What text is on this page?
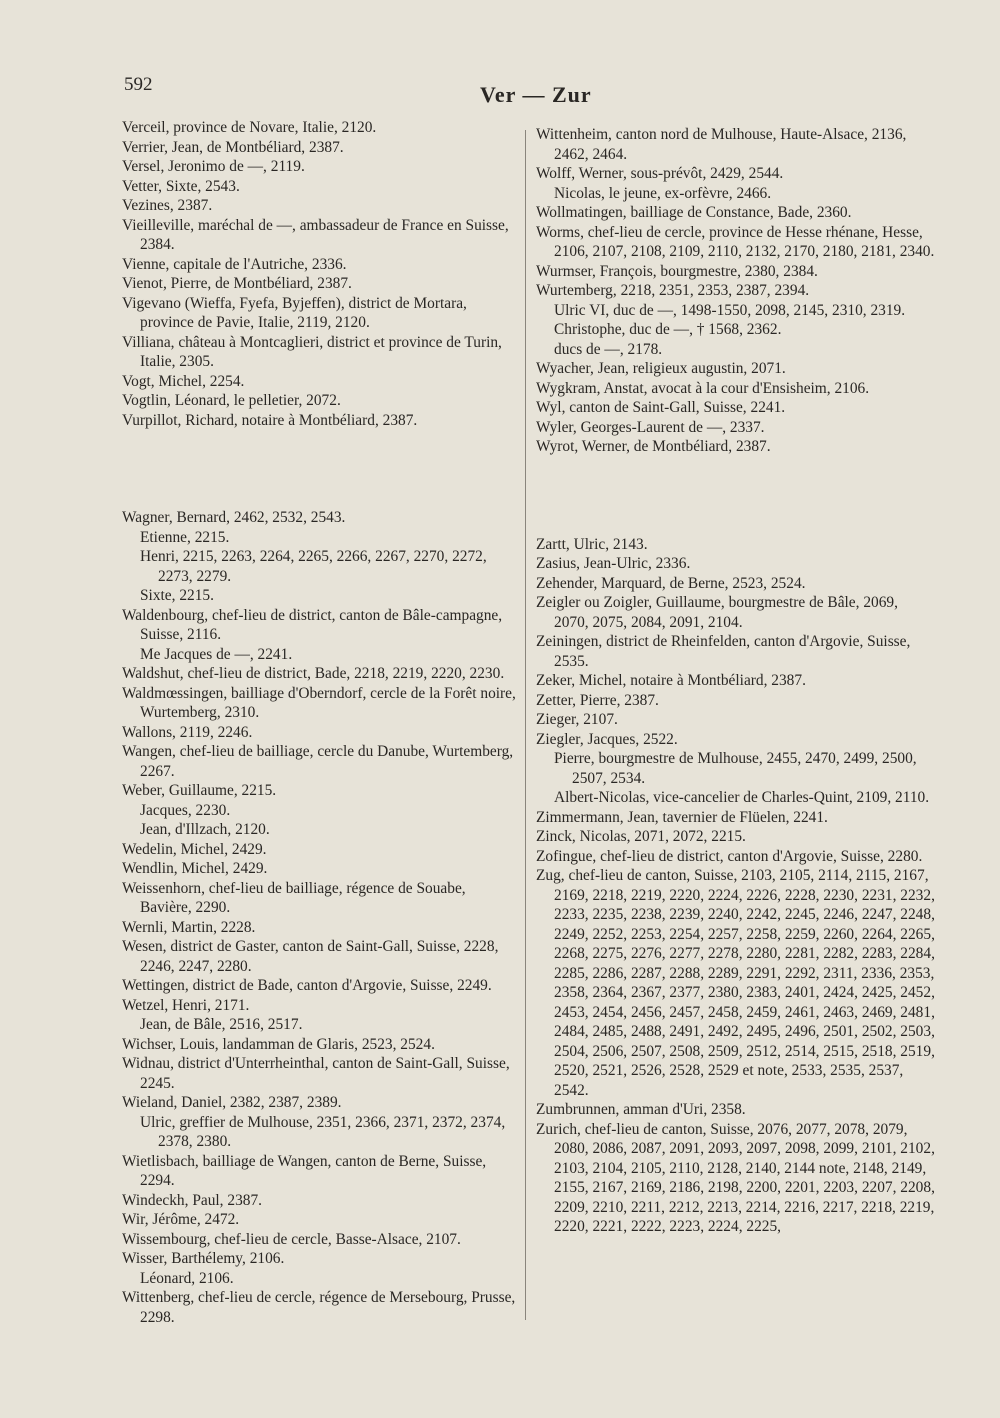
592	Ver — Zur
Verceil, province de Novare, Italie, 2120.
Verrier, Jean, de Montbéliard, 2387.
Versel, Jeronimo de —, 2119.
Vetter, Sixte, 2543.
Vezines, 2387.
Vieilleville, maréchal de —, ambassadeur de France en Suisse, 2384.
Vienne, capitale de l'Autriche, 2336.
Vienot, Pierre, de Montbéliard, 2387.
Vigevano (Wieffa, Fyefa, Byjeffen), district de Mortara, province de Pavie, Italie, 2119, 2120.
Villiana, château à Montcaglieri, district et province de Turin, Italie, 2305.
Vogt, Michel, 2254.
Vogtlin, Léonard, le pelletier, 2072.
Vurpillot, Richard, notaire à Montbéliard, 2387.
Wagner, Bernard, 2462, 2532, 2543.
Etienne, 2215.
Henri, 2215, 2263, 2264, 2265, 2266, 2267, 2270, 2272, 2273, 2279.
Sixte, 2215.
Waldenbourg, chef-lieu de district, canton de Bâle-campagne, Suisse, 2116.
Me Jacques de —, 2241.
Waldshut, chef-lieu de district, Bade, 2218, 2219, 2220, 2230.
Waldmœssingen, bailliage d'Oberndorf, cercle de la Forêt noire, Wurtemberg, 2310.
Wallons, 2119, 2246.
Wangen, chef-lieu de bailliage, cercle du Danube, Wurtemberg, 2267.
Weber, Guillaume, 2215.
Jacques, 2230.
Jean, d'Illzach, 2120.
Wedelin, Michel, 2429.
Wendlin, Michel, 2429.
Weissenhorn, chef-lieu de bailliage, régence de Souabe, Bavière, 2290.
Wernli, Martin, 2228.
Wesen, district de Gaster, canton de Saint-Gall, Suisse, 2228, 2246, 2247, 2280.
Wettingen, district de Bade, canton d'Argovie, Suisse, 2249.
Wetzel, Henri, 2171.
Jean, de Bâle, 2516, 2517.
Wichser, Louis, landamman de Glaris, 2523, 2524.
Widnau, district d'Unterrheinthal, canton de Saint-Gall, Suisse, 2245.
Wieland, Daniel, 2382, 2387, 2389.
Ulric, greffier de Mulhouse, 2351, 2366, 2371, 2372, 2374, 2378, 2380.
Wietlisbach, bailliage de Wangen, canton de Berne, Suisse, 2294.
Windeckh, Paul, 2387.
Wir, Jérôme, 2472.
Wissembourg, chef-lieu de cercle, Basse-Alsace, 2107.
Wisser, Barthélemy, 2106.
Léonard, 2106.
Wittenberg, chef-lieu de cercle, régence de Mersebourg, Prusse, 2298.
Wittenheim, canton nord de Mulhouse, Haute-Alsace, 2136, 2462, 2464.
Wolff, Werner, sous-prévôt, 2429, 2544.
Nicolas, le jeune, ex-orfèvre, 2466.
Wollmatingen, bailliage de Constance, Bade, 2360.
Worms, chef-lieu de cercle, province de Hesse rhénane, Hesse, 2106, 2107, 2108, 2109, 2110, 2132, 2170, 2180, 2181, 2340.
Wurmser, François, bourgmestre, 2380, 2384.
Wurtemberg, 2218, 2351, 2353, 2387, 2394.
Ulric VI, duc de —, 1498-1550, 2098, 2145, 2310, 2319.
Christophe, duc de —, † 1568, 2362.
ducs de —, 2178.
Wyacher, Jean, religieux augustin, 2071.
Wygkram, Anstat, avocat à la cour d'Ensisheim, 2106.
Wyl, canton de Saint-Gall, Suisse, 2241.
Wyler, Georges-Laurent de —, 2337.
Wyrot, Werner, de Montbéliard, 2387.
Zartt, Ulric, 2143.
Zasius, Jean-Ulric, 2336.
Zehender, Marquard, de Berne, 2523, 2524.
Zeigler ou Zoigler, Guillaume, bourgmestre de Bâle, 2069, 2070, 2075, 2084, 2091, 2104.
Zeiningen, district de Rheinfelden, canton d'Argovie, Suisse, 2535.
Zeker, Michel, notaire à Montbéliard, 2387.
Zetter, Pierre, 2387.
Zieger, 2107.
Ziegler, Jacques, 2522.
Pierre, bourgmestre de Mulhouse, 2455, 2470, 2499, 2500, 2507, 2534.
Albert-Nicolas, vice-cancelier de Charles-Quint, 2109, 2110.
Zimmermann, Jean, tavernier de Flüelen, 2241.
Zinck, Nicolas, 2071, 2072, 2215.
Zofingue, chef-lieu de district, canton d'Argovie, Suisse, 2280.
Zug, chef-lieu de canton, Suisse, 2103, 2105, 2114, 2115, 2167, 2169, 2218, 2219, 2220, 2224, 2226, 2228, 2230, 2231, 2232, 2233, 2235, 2238, 2239, 2240, 2242, 2245, 2246, 2247, 2248, 2249, 2252, 2253, 2254, 2257, 2258, 2259, 2260, 2264, 2265, 2268, 2275, 2276, 2277, 2278, 2280, 2281, 2282, 2283, 2284, 2285, 2286, 2287, 2288, 2289, 2291, 2292, 2311, 2336, 2353, 2358, 2364, 2367, 2377, 2380, 2383, 2401, 2424, 2425, 2452, 2453, 2454, 2456, 2457, 2458, 2459, 2461, 2463, 2469, 2481, 2484, 2485, 2488, 2491, 2492, 2495, 2496, 2501, 2502, 2503, 2504, 2506, 2507, 2508, 2509, 2512, 2514, 2515, 2518, 2519, 2520, 2521, 2526, 2528, 2529 et note, 2533, 2535, 2537, 2542.
Zumbrunnen, amman d'Uri, 2358.
Zurich, chef-lieu de canton, Suisse, 2076, 2077, 2078, 2079, 2080, 2086, 2087, 2091, 2093, 2097, 2098, 2099, 2101, 2102, 2103, 2104, 2105, 2110, 2128, 2140, 2144 note, 2148, 2149, 2155, 2167, 2169, 2186, 2198, 2200, 2201, 2203, 2207, 2208, 2209, 2210, 2211, 2212, 2213, 2214, 2216, 2217, 2218, 2219, 2220, 2221, 2222, 2223, 2224, 2225,
